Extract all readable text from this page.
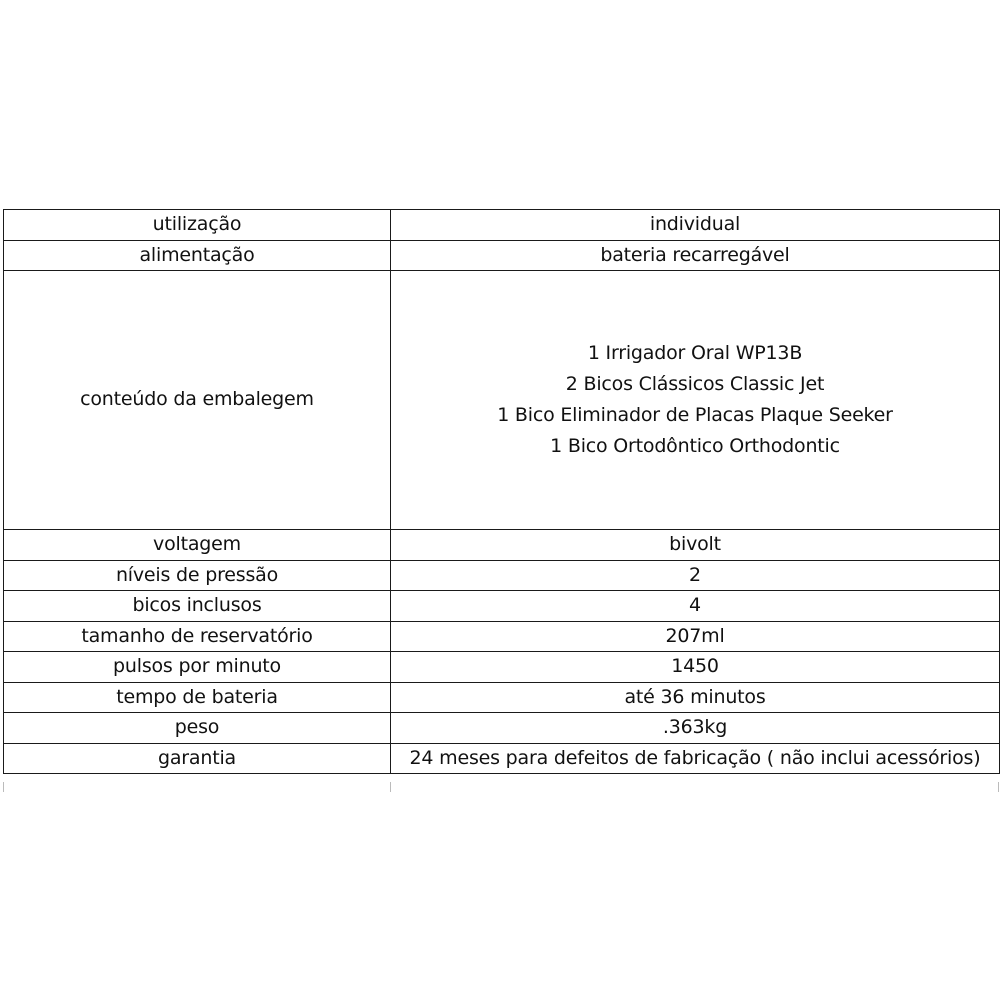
utilização	individual
alimentação	bateria recarregável
conteúdo da embalegem	1 Irrigador Oral WP13B
2 Bicos Clássicos Classic Jet
1 Bico Eliminador de Placas Plaque Seeker
1 Bico Ortodôntico Orthodontic

voltagem	bivolt
níveis de pressão	2
bicos inclusos	4
tamanho de reservatório	207ml
pulsos por minuto	1450
tempo de bateria	até 36 minutos
peso	.363kg
garantia	24 meses para defeitos de fabricação ( não inclui acessórios)
